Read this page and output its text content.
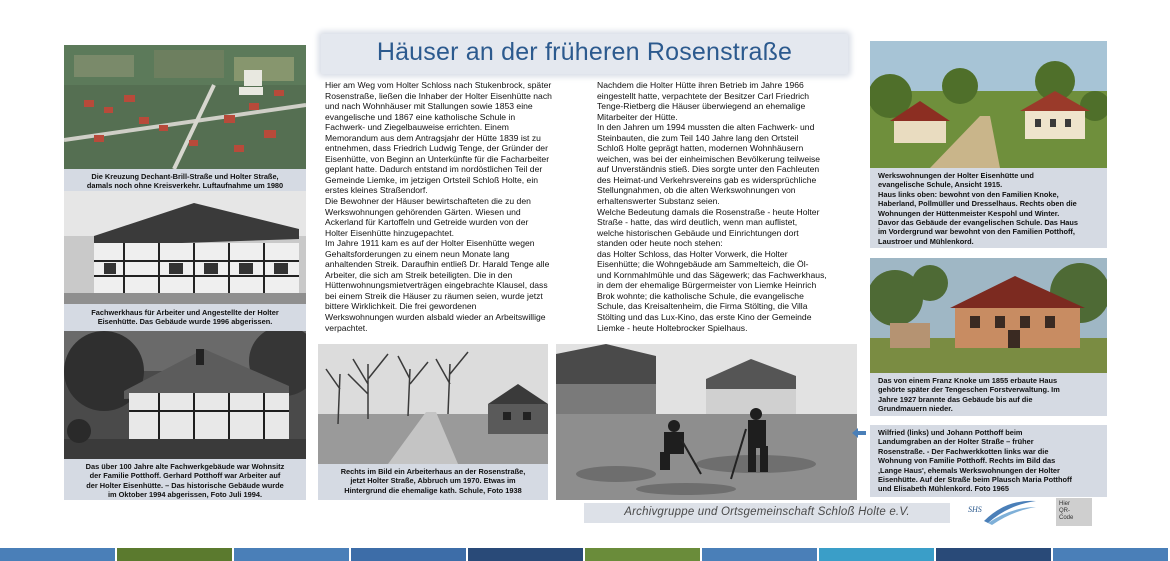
Häuser an der früheren Rosenstraße
Hier am Weg vom Holter Schloss nach Stukenbrock, später
Rosenstraße, ließen die Inhaber der Holter Eisenhütte nach
und nach Wohnhäuser mit Stallungen sowie 1853 eine
evangelische und 1867 eine katholische Schule in
Fachwerk- und Ziegelbauweise errichten. Einem
Memorandum aus dem Antragsjahr der Hütte 1839 ist zu
entnehmen, dass Friedrich Ludwig Tenge, der Gründer der
Eisenhütte, von Beginn an Unterkünfte für die Facharbeiter
geplant hatte. Dadurch entstand im nordöstlichen Teil der
Gemeinde Liemke, im jetzigen Ortsteil Schloß Holte, ein
erstes kleines Straßendorf.
Die Bewohner der Häuser bewirtschafteten die zu den
Werkswohnungen gehörenden Gärten. Wiesen und
Ackerland für Kartoffeln und Getreide wurden von der
Holter Eisenhütte hinzugepachtet.
Im Jahre 1911 kam es auf der Holter Eisenhütte wegen
Gehaltsforderungen zu einem neun Monate lang
anhaltenden Streik. Daraufhin entließ Dr. Harald Tenge alle
Arbeiter, die sich am Streik beteiligten. Die in den
Hüttenwohnungsmietverträgen eingebrachte Klausel, dass
bei einem Streik die Häuser zu räumen seien, wurde jetzt
bittere Wirklichkeit. Die frei gewordenen
Werkswohnungen wurden alsbald wieder an Arbeitswillige
verpachtet.
Nachdem die Holter Hütte ihren Betrieb im Jahre 1966
eingestellt hatte, verpachtete der Besitzer Carl Friedrich
Tenge-Rietberg die Häuser überwiegend an ehemalige
Mitarbeiter der Hütte.
In den Jahren um 1994 mussten die alten Fachwerk- und
Steinbauten, die zum Teil 140 Jahre lang den Ortsteil
Schloß Holte geprägt hatten, modernen Wohnhäusern
weichen, was bei der einheimischen Bevölkerung teilweise
auf Unverständnis stieß. Dies sorgte unter den Fachleuten
des Heimat-und Verkehrsvereins gab es widersprüchliche
Stellungnahmen, ob die alten Werkswohnungen von
erhaltenswerter Substanz seien.
Welche Bedeutung damals die Rosenstraße - heute Holter
Straße - hatte, das wird deutlich, wenn man auflistet,
welche historischen Gebäude und Einrichtungen dort
standen oder heute noch stehen:
das Holter Schloss, das Holter Vorwerk, die Holter
Eisenhütte; die Wohngebäude am Sammelteich, die Öl-
und Kornmahlmühle und das Sägewerk; das Fachwerkhaus,
in dem der ehemalige Bürgermeister von Liemke Heinrich
Brok wohnte; die katholische Schule, die evangelische
Schule, das Kreisaltenheim, die Firma Stölting, die Villa
Stölting und das Lux-Kino, das erste Kino der Gemeinde
Liemke - heute Holtebrocker Spielhaus.
Die Kreuzung Dechant-Brill-Straße und Holter Straße,
damals noch ohne Kreisverkehr. Luftaufnahme um 1980
Fachwerkhaus für Arbeiter und Angestellte der Holter
Eisenhütte. Das Gebäude wurde 1996 abgerissen.
Das über 100 Jahre alte Fachwerkgebäude war Wohnsitz
der Familie Potthoff. Gerhard Potthoff war Arbeiter auf
der Holter Eisenhütte. – Das historische Gebäude wurde
im Oktober 1994 abgerissen, Foto Juli 1994.
Rechts im Bild ein Arbeiterhaus an der Rosenstraße,
jetzt Holter Straße, Abbruch um 1970. Etwas im
Hintergrund die ehemalige kath. Schule, Foto 1938
Werkswohnungen der Holter Eisenhütte und
evangelische Schule, Ansicht 1915.
Haus links oben: bewohnt von den Familien Knoke,
Haberland, Pollmüller und Dresselhaus. Rechts oben die
Wohnungen der Hüttenmeister Kespohl und Winter.
Davor das Gebäude der evangelischen Schule. Das Haus
im Vordergrund war bewohnt von den Familien Potthoff,
Laustroer und Mühlenkord.
Das von einem Franz Knoke um 1855 erbaute Haus
gehörte später der Tengeschen Forstverwaltung. Im
Jahre 1927 brannte das Gebäude bis auf die
Grundmauern nieder.
Wilfried (links) und Johann Potthoff beim
Landumgraben an der Holter Straße – früher
Rosenstraße. - Der Fachwerkkotten links war die
Wohnung von Familie Potthoff. Rechts im Bild das
‚Lange Haus', ehemals Werkswohnungen der Holter
Eisenhütte. Auf der Straße beim Plausch Maria Potthoff
und Elisabeth Mühlenkord. Foto 1965
Archivgruppe und Ortsgemeinschaft Schloß Holte e.V.	SHS
Hier
QR-
Code
